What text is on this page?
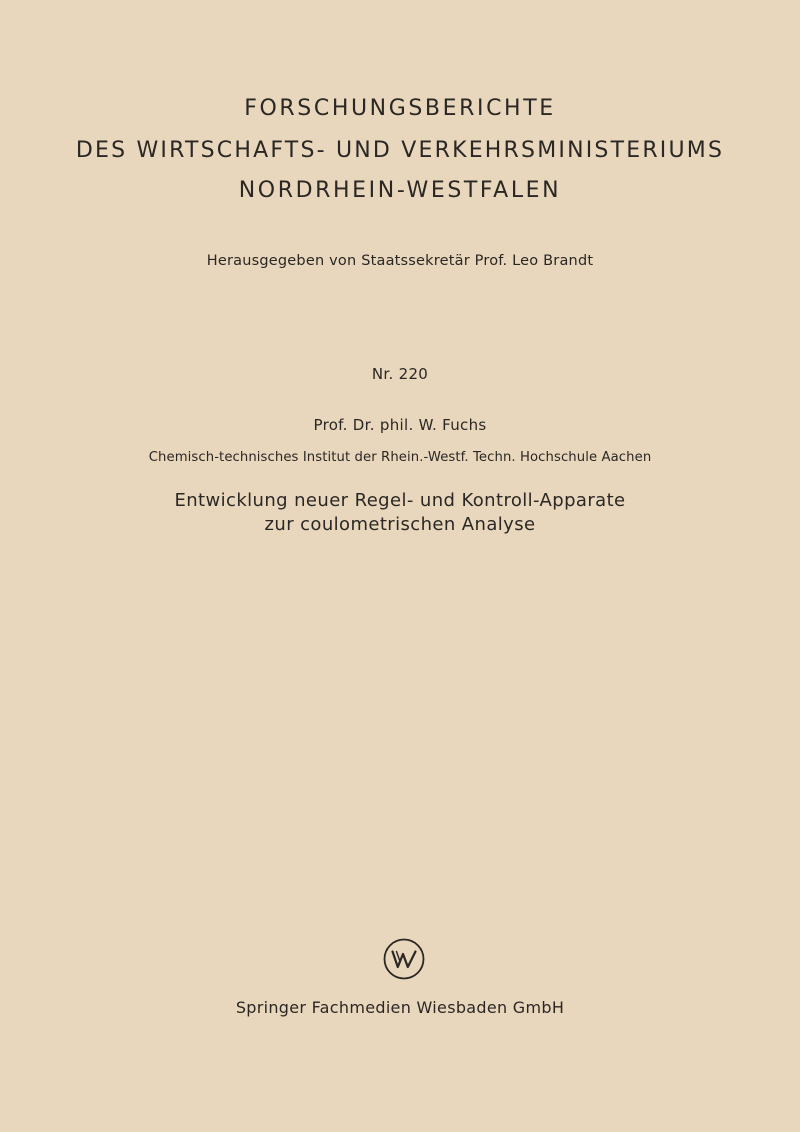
FORSCHUNGSBERICHTE
DES WIRTSCHAFTS- UND VERKEHRSMINISTERIUMS
NORDRHEIN-WESTFALEN
Herausgegeben von Staatssekretär Prof. Leo Brandt
Nr. 220
Prof. Dr. phil. W. Fuchs
Chemisch-technisches Institut der Rhein.-Westf. Techn. Hochschule Aachen
Entwicklung neuer Regel- und Kontroll-Apparate
zur coulometrischen Analyse
Springer Fachmedien Wiesbaden GmbH
